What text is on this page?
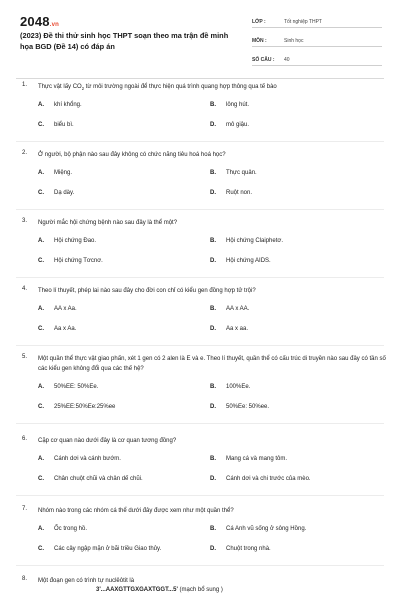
2048.vn
(2023) Đề thi thử sinh học THPT soạn theo ma trận đề minh họa BGD (Đề 14) có đáp án
LỚP :	Tốt nghiệp THPT
MÔN :	Sinh học
SỐ CÂU :	40
1. Thực vật lấy $CO_2$ từ môi trường ngoài để thực hiện quá trình quang hợp thông qua tế bào
A. khí khổng.	B. lông hút.
C. biểu bì.	D. mô giậu.
2. Ở người, bộ phận nào sau đây không có chức năng tiêu hoá hoá học?
A. Miệng.	B. Thực quản.
C. Dạ dày.	D. Ruột non.
3. Người mắc hội chứng bệnh nào sau đây là thể một?
A. Hội chứng Đao.	B. Hội chứng Claiphetơ.
C. Hội chứng Tơcnơ.	D. Hội chứng AIDS.
4. Theo lí thuyết, phép lai nào sau đây cho đời con chỉ có kiểu gen đồng hợp tử trội?
A. AA x Aa.	B. AA x AA.
C. Aa x Aa.	D. Aa x aa.
5. Một quần thể thực vật giao phấn, xét 1 gen có 2 alen là E và e. Theo lí thuyết, quần thể có cấu trúc di truyền nào sau đây có tần số các kiểu gen không đổi qua các thế hệ?
A. 50%EE: 50%Ee.	B. 100%Ee.
C. 25%EE:50%Ee:25%ee	D. 50%Ee: 50%ee.
6. Cặp cơ quan nào dưới đây là cơ quan tương đồng?
A. Cánh dơi và cánh bướm.	B. Mang cá và mang tôm.
C. Chân chuột chũi và chân dế chũi.	D. Cánh dơi và chi trước của mèo.
7. Nhóm nào trong các nhóm cá thể dưới đây được xem như một quần thể?
A. Ốc trong hồ.	B. Cá Anh vũ sống ở sông Hồng.
C. Các cây ngập mặn ở bãi triều Giao thủy.	D. Chuột trong nhà.
8. Một đoạn gen có trình tự nuclêôtit là
3'...AAXGTTGXGAXTGGT...5' (mạch bổ sung )
